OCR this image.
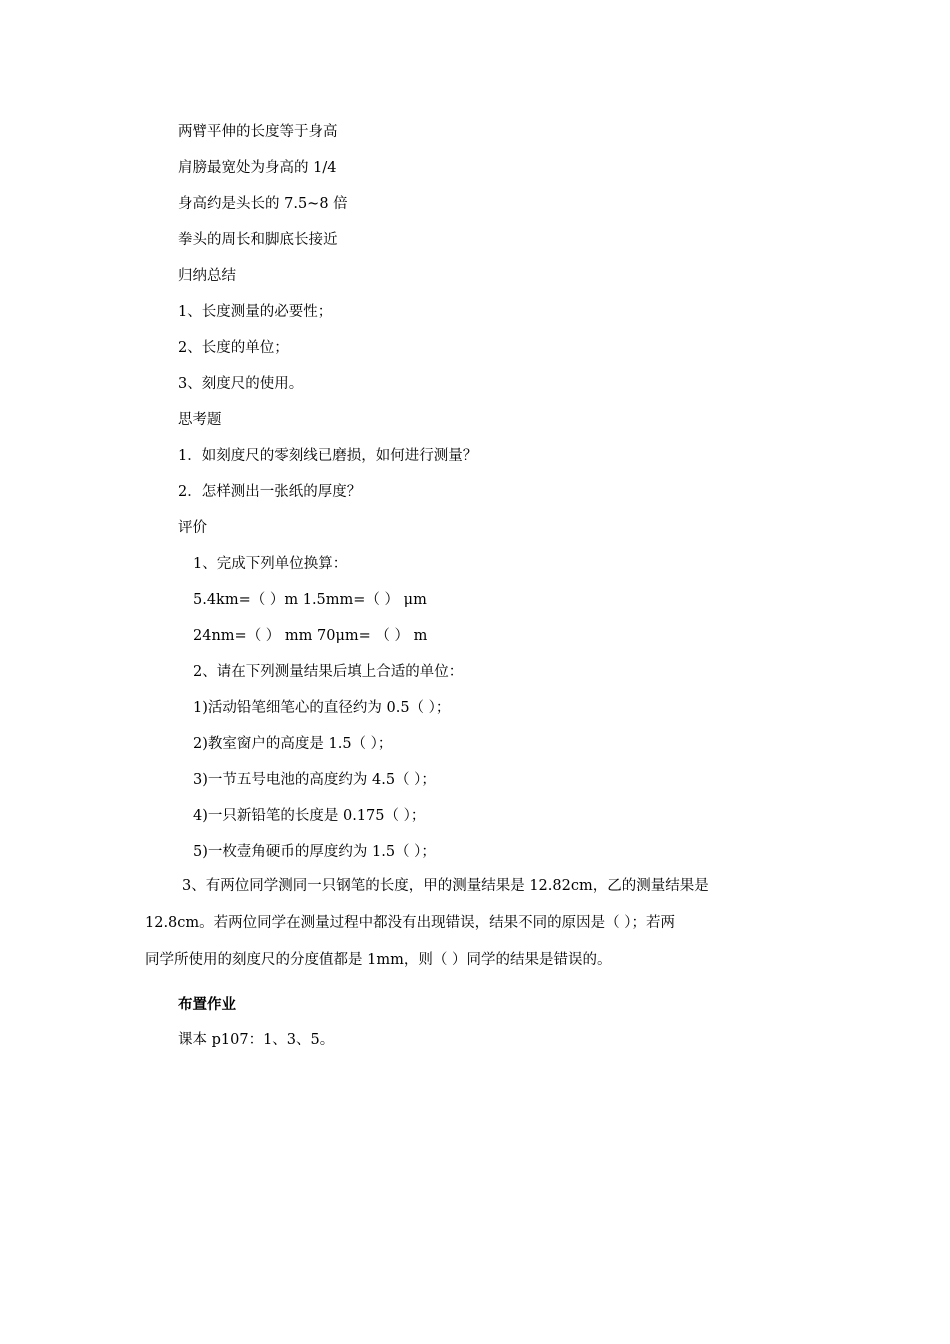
两臂平伸的长度等于身高
肩膀最宽处为身高的 1/4
身高约是头长的 7.5~8 倍
拳头的周长和脚底长接近
归纳总结
1、长度测量的必要性；
2、长度的单位；
3、刻度尺的使用。
思考题
1．如刻度尺的零刻线已磨损，如何进行测量？
2．怎样测出一张纸的厚度？
评价
1、完成下列单位换算：
5.4km=（ ）m 1.5mm=（ ） μm
24nm=（ ） mm 70μm= （ ） m
2、请在下列测量结果后填上合适的单位：
1)活动铅笔细笔心的直径约为 0.5（ ）；
2)教室窗户的高度是 1.5（ ）；
3)一节五号电池的高度约为 4.5（ ）；
4)一只新铅笔的长度是 0.175（ ）；
5)一枚壹角硬币的厚度约为 1.5（ ）；
3、有两位同学测同一只钢笔的长度，甲的测量结果是 12.82cm，乙的测量结果是
12.8cm。若两位同学在测量过程中都没有出现错误，结果不同的原因是（ ）；若两
同学所使用的刻度尺的分度值都是 1mm，则（ ）同学的结果是错误的。
布置作业
课本 p107：1、3、5。
